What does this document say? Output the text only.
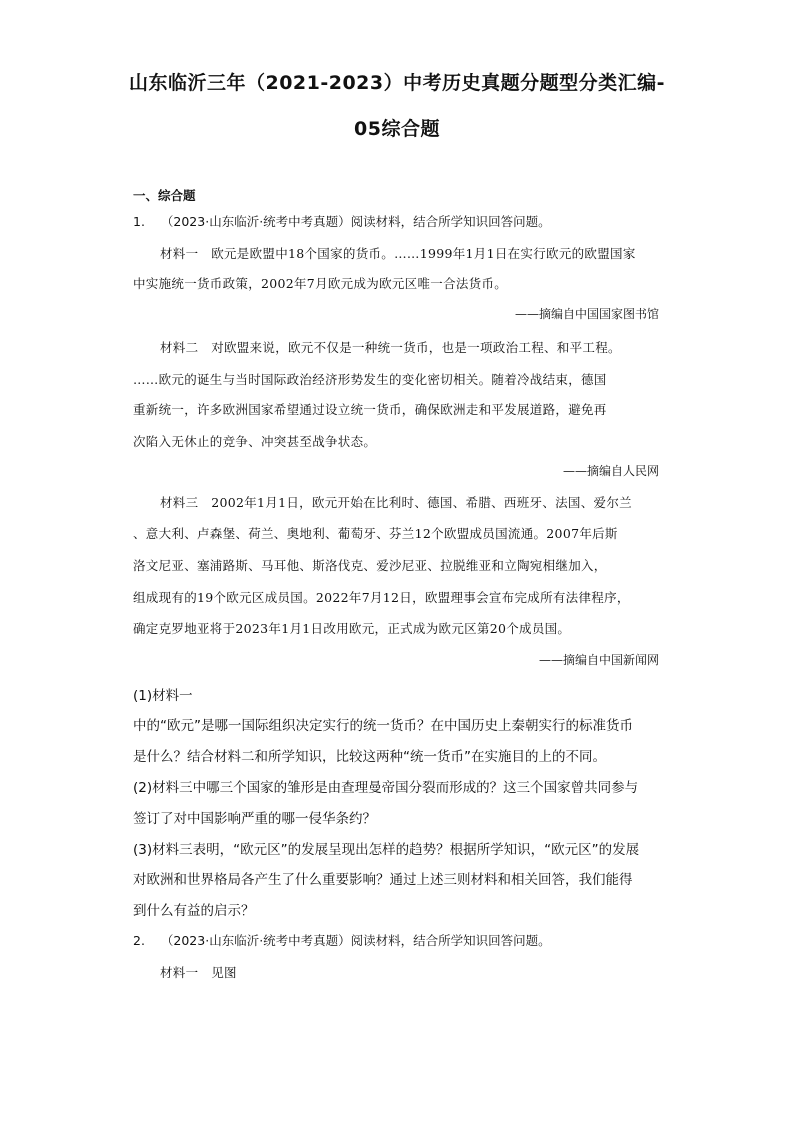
山东临沂三年（2021-2023）中考历史真题分题型分类汇编-
05综合题
一、综合题
1. （2023·山东临沂·统考中考真题）阅读材料，结合所学知识回答问题。
材料一　欧元是欧盟中18个国家的货币。……1999年1月1日在实行欧元的欧盟国家
中实施统一货币政策，2002年7月欧元成为欧元区唯一合法货币。
——摘编自中国国家图书馆
材料二　对欧盟来说，欧元不仅是一种统一货币，也是一项政治工程、和平工程。
……欧元的诞生与当时国际政治经济形势发生的变化密切相关。随着冷战结束，德国
重新统一，许多欧洲国家希望通过设立统一货币，确保欧洲走和平发展道路，避免再
次陷入无休止的竞争、冲突甚至战争状态。
——摘编自人民网
材料三　2002年1月1日，欧元开始在比利时、德国、希腊、西班牙、法国、爱尔兰
、意大利、卢森堡、荷兰、奥地利、葡萄牙、芬兰12个欧盟成员国流通。2007年后斯
洛文尼亚、塞浦路斯、马耳他、斯洛伐克、爱沙尼亚、拉脱维亚和立陶宛相继加入，
组成现有的19个欧元区成员国。2022年7月12日，欧盟理事会宣布完成所有法律程序，
确定克罗地亚将于2023年1月1日改用欧元，正式成为欧元区第20个成员国。
——摘编自中国新闻网
(1)材料一
中的“欧元”是哪一国际组织决定实行的统一货币？在中国历史上秦朝实行的标准货币
是什么？结合材料二和所学知识，比较这两种“统一货币”在实施目的上的不同。
(2)材料三中哪三个国家的雏形是由查理曼帝国分裂而形成的？这三个国家曾共同参与
签订了对中国影响严重的哪一侵华条约？
(3)材料三表明，“欧元区”的发展呈现出怎样的趋势？根据所学知识，“欧元区”的发展
对欧洲和世界格局各产生了什么重要影响？通过上述三则材料和相关回答，我们能得
到什么有益的启示？
2. （2023·山东临沂·统考中考真题）阅读材料，结合所学知识回答问题。
材料一　见图
